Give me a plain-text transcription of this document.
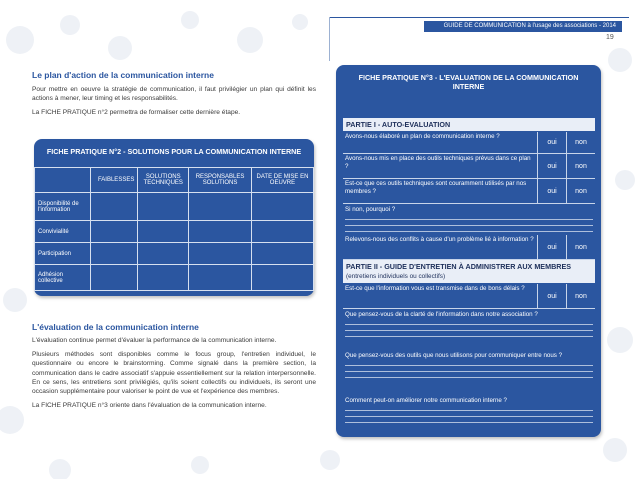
GUIDE DE COMMUNICATION à l'usage des associations - 2014
19

Le plan d'action de la communication interne

Pour mettre en oeuvre la stratégie de communication, il faut privilégier un plan qui définit les actions à mener, leur timing et les responsabilités.

La FICHE PRATIQUE n°2 permettra de formaliser cette dernière étape.

FICHE PRATIQUE N°2 - SOLUTIONS POUR LA COMMUNICATION INTERNE
	FAIBLESSES	SOLUTIONS TECHNIQUES	RESPONSABLES SOLUTIONS	DATE DE MISE EN OEUVRE
Disponibilité de l'information				
Convivialité				
Participation				
Adhésion collective				

L'évaluation de la communication interne

L'évaluation continue permet d'évaluer la performance de la communication interne.

Plusieurs méthodes sont disponibles comme le focus group, l'entretien individuel, le questionnaire ou encore le brainstorming. Comme signalé dans la première section, la communication dans le cadre associatif s'appuie essentiellement sur la relation interpersonnelle. En ce sens, les entretiens sont privilégiés, qu'ils soient collectifs ou individuels, ils seront une occasion supplémentaire pour valoriser le point de vue et l'expérience des membres.

La FICHE PRATIQUE n°3 oriente dans l'évaluation de la communication interne.

FICHE PRATIQUE N°3 - L'EVALUATION DE LA COMMUNICATION INTERNE
PARTIE I - AUTO-EVALUATION
Avons-nous élaboré un plan de communication interne ?
oui	non
Avons-nous mis en place des outils techniques prévus dans ce plan ?	oui	non
Est-ce que ces outils techniques sont couramment utilisés par nos membres ?	oui	non
Si non, pourquoi ?
Relevons-nous des conflits à cause d'un problème lié à information ?
oui	non
PARTIE II - GUIDE D'ENTRETIEN À ADMINISTRER AUX MEMBRES (entretiens individuels ou collectifs)
Est-ce que l'information vous est transmise dans de bons délais ?
oui	non
Que pensez-vous de la clarté de l'information dans notre association ?
Que pensez-vous des outils que nous utilisons pour communiquer entre nous ?
Comment peut-on améliorer notre communication interne ?
